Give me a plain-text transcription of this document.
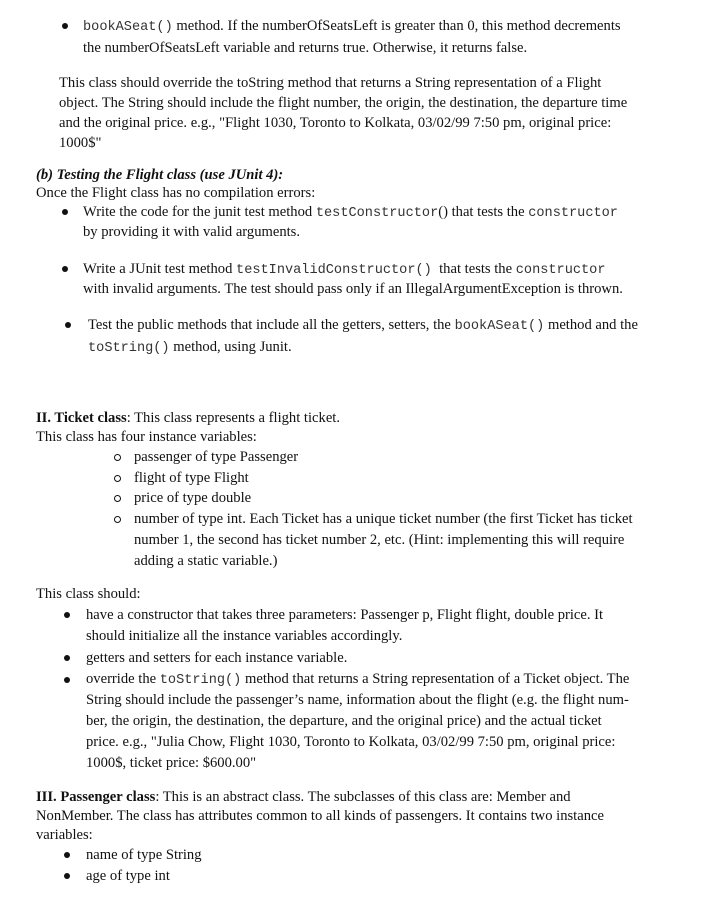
bookASeat() method. If the numberOfSeatsLeft is greater than 0, this method decrements
the numberOfSeatsLeft variable and returns true. Otherwise, it returns false.
This class should override the toString method that returns a String representation of a Flight
object. The String should include the flight number, the origin, the destination, the departure time
and the original price. e.g., "Flight 1030, Toronto to Kolkata, 03/02/99 7:50 pm, original price:
1000$"
(b) Testing the Flight class (use JUnit 4):
Once the Flight class has no compilation errors:
Write the code for the junit test method testConstructor() that tests the constructor
by providing it with valid arguments.
Write a JUnit test method testInvalidConstructor() that tests the constructor
with invalid arguments. The test should pass only if an IllegalArgumentException is thrown.
Test the public methods that include all the getters, setters, the bookASeat() method and the
toString() method, using Junit.
II. Ticket class: This class represents a flight ticket.
This class has four instance variables:
passenger of type Passenger
flight of type Flight
price of type double
number of type int. Each Ticket has a unique ticket number (the first Ticket has ticket
number 1, the second has ticket number 2, etc. (Hint: implementing this will require
adding a static variable.)
This class should:
have a constructor that takes three parameters: Passenger p, Flight flight, double price. It
should initialize all the instance variables accordingly.
getters and setters for each instance variable.
override the toString() method that returns a String representation of a Ticket object. The
String should include the passenger’s name, information about the flight (e.g. the flight num-
ber, the origin, the destination, the departure, and the original price) and the actual ticket
price. e.g., "Julia Chow, Flight 1030, Toronto to Kolkata, 03/02/99 7:50 pm, original price:
1000$, ticket price: $600.00"
III. Passenger class: This is an abstract class. The subclasses of this class are: Member and
NonMember. The class has attributes common to all kinds of passengers. It contains two instance
variables:
name of type String
age of type int
